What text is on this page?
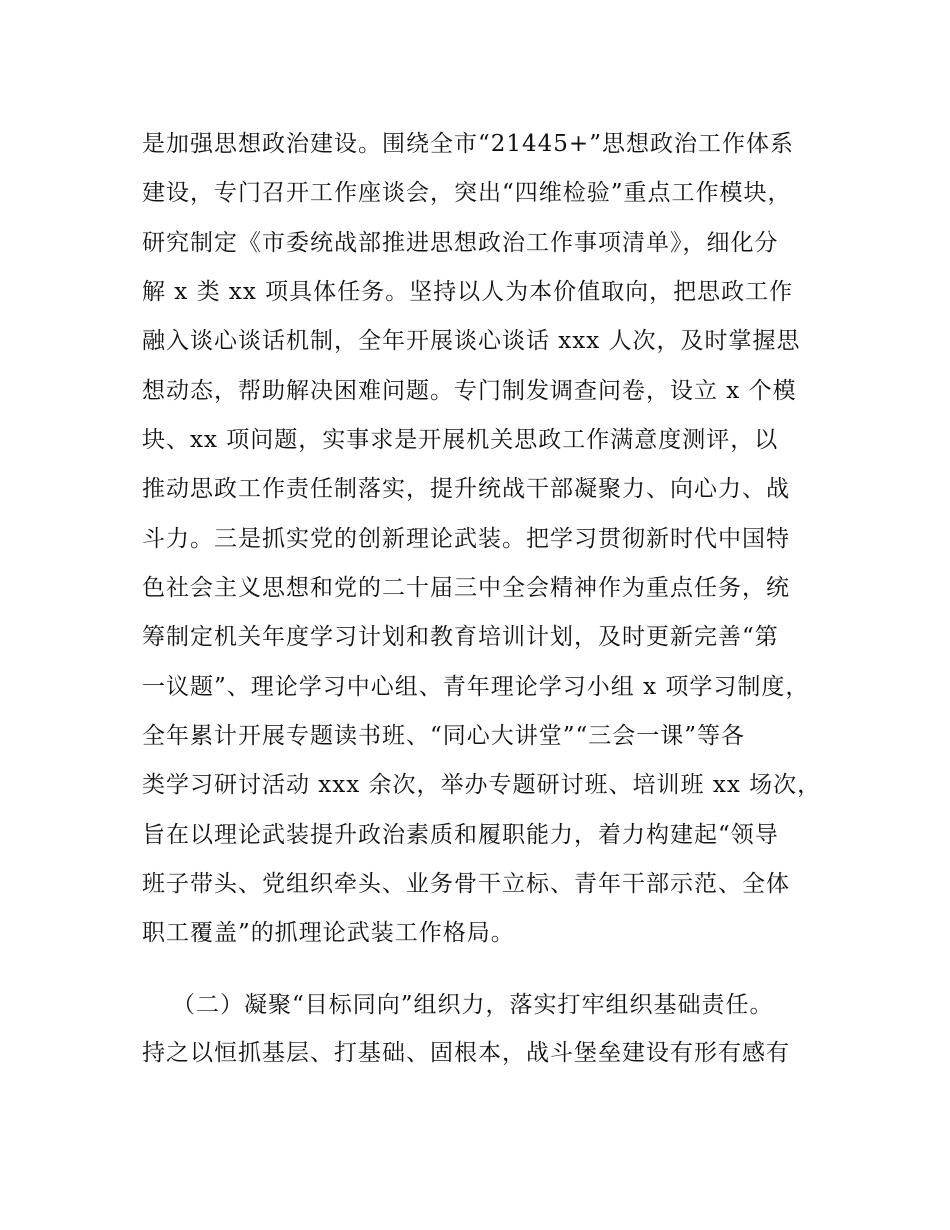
是加强思想政治建设。围绕全市“21445+”思想政治工作体系
建设，专门召开工作座谈会，突出“四维检验”重点工作模块，
研究制定《市委统战部推进思想政治工作事项清单》，细化分
解 x 类 xx 项具体任务。坚持以人为本价值取向，把思政工作
融入谈心谈话机制，全年开展谈心谈话 xxx 人次，及时掌握思
想动态，帮助解决困难问题。专门制发调查问卷，设立 x 个模
块、xx 项问题，实事求是开展机关思政工作满意度测评，以
推动思政工作责任制落实，提升统战干部凝聚力、向心力、战
斗力。三是抓实党的创新理论武装。把学习贯彻新时代中国特
色社会主义思想和党的二十届三中全会精神作为重点任务，统
筹制定机关年度学习计划和教育培训计划，及时更新完善“第
一议题”、理论学习中心组、青年理论学习小组 x 项学习制度，
全年累计开展专题读书班、“同心大讲堂”“三会一课”等各
类学习研讨活动 xxx 余次，举办专题研讨班、培训班 xx 场次，
旨在以理论武装提升政治素质和履职能力，着力构建起“领导
班子带头、党组织牵头、业务骨干立标、青年干部示范、全体
职工覆盖”的抓理论武装工作格局。
（二）凝聚“目标同向”组织力，落实打牢组织基础责任。
持之以恒抓基层、打基础、固根本，战斗堡垒建设有形有感有
